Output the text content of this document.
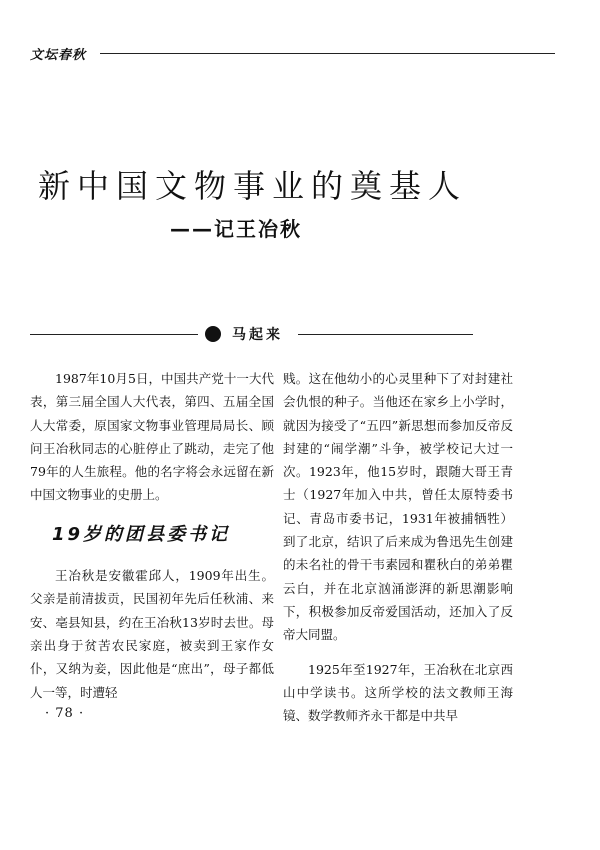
文坛春秋
新中国文物事业的奠基人
——记王冶秋
马起来

1987年10月5日，中国共产党十一大代表，第三届全国人大代表，第四、五届全国人大常委，原国家文物事业管理局局长、顾问王冶秋同志的心脏停止了跳动，走完了他79年的人生旅程。他的名字将会永远留在新中国文物事业的史册上。

19岁的团县委书记

王冶秋是安徽霍邱人，1909年出生。父亲是前清拔贡，民国初年先后任秋浦、来安、亳县知县，约在王冶秋13岁时去世。母亲出身于贫苦农民家庭，被卖到王家作女仆，又纳为妾，因此他是“庶出”，母子都低人一等，时遭轻

贱。这在他幼小的心灵里种下了对封建社会仇恨的种子。当他还在家乡上小学时，就因为接受了“五四”新思想而参加反帝反封建的“闹学潮”斗争，被学校记大过一次。1923年，他15岁时，跟随大哥王青士（1927年加入中共，曾任太原特委书记、青岛市委书记，1931年被捕牺牲）到了北京，结识了后来成为鲁迅先生创建的未名社的骨干韦素园和瞿秋白的弟弟瞿云白，并在北京汹涌澎湃的新思潮影响下，积极参加反帝爱国活动，还加入了反帝大同盟。

1925年至1927年，王冶秋在北京西山中学读书。这所学校的法文教师王海镜、数学教师齐永干都是中共早

· 78 ·
